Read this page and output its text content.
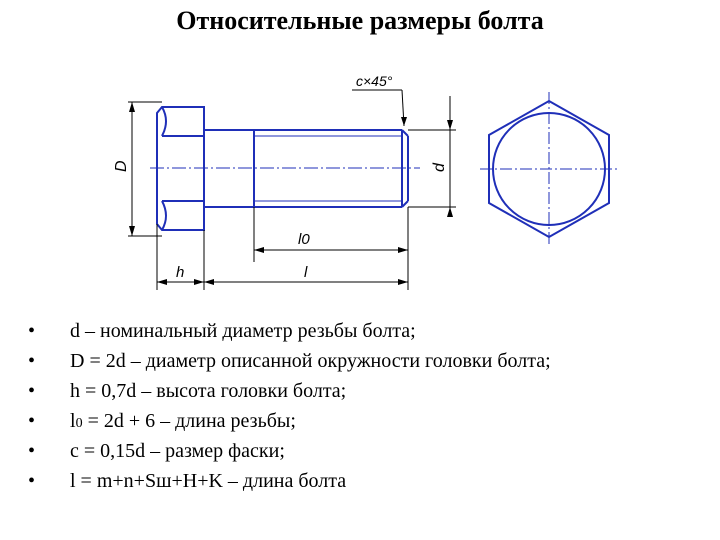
Относительные размеры болта
c×45°
D	d
l0
h	l
• d – номинальный диаметр резьбы болта;
• D = 2d – диаметр описанной окружности головки болта;
• h = 0,7d – высота головки болта;
• l0 = 2d + 6 – длина резьбы;
• c = 0,15d – размер фаски;
• l = m+n+Sш+H+K – длина болта
